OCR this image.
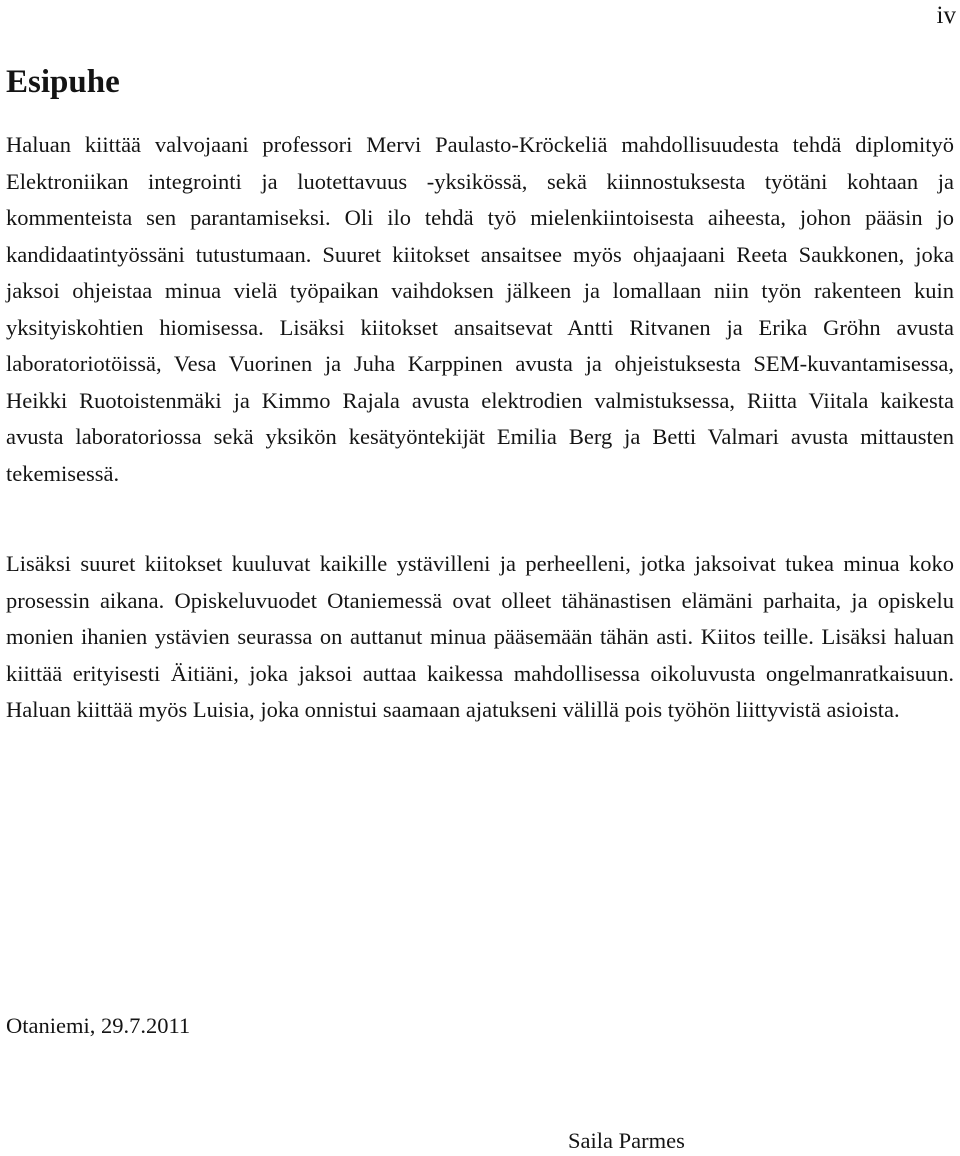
iv
Esipuhe

Haluan kiittää valvojaani professori Mervi Paulasto-Kröckeliä mahdollisuudesta tehdä diplomityö Elektroniikan integrointi ja luotettavuus -yksikössä, sekä kiinnostuksesta työtäni kohtaan ja kommenteista sen parantamiseksi. Oli ilo tehdä työ mielenkiintoisesta aiheesta, johon pääsin jo kandidaatintyössäni tutustumaan. Suuret kiitokset ansaitsee myös ohjaajaani Reeta Saukkonen, joka jaksoi ohjeistaa minua vielä työpaikan vaihdoksen jälkeen ja lomallaan niin työn rakenteen kuin yksityiskohtien hiomisessa. Lisäksi kiitokset ansaitsevat Antti Ritvanen ja Erika Gröhn avusta laboratoriotöissä, Vesa Vuorinen ja Juha Karppinen avusta ja ohjeistuksesta SEM-kuvantamisessa, Heikki Ruotoistenmäki ja Kimmo Rajala avusta elektrodien valmistuksessa, Riitta Viitala kaikesta avusta laboratoriossa sekä yksikön kesätyöntekijät Emilia Berg ja Betti Valmari avusta mittausten tekemisessä.

Lisäksi suuret kiitokset kuuluvat kaikille ystävilleni ja perheelleni, jotka jaksoivat tukea minua koko prosessin aikana. Opiskeluvuodet Otaniemessä ovat olleet tähänastisen elämäni parhaita, ja opiskelu monien ihanien ystävien seurassa on auttanut minua pääsemään tähän asti. Kiitos teille. Lisäksi haluan kiittää erityisesti Äitiäni, joka jaksoi auttaa kaikessa mahdollisessa oikoluvusta ongelmanratkaisuun. Haluan kiittää myös Luisia, joka onnistui saamaan ajatukseni välillä pois työhön liittyvistä asioista.

Otaniemi, 29.7.2011
Saila Parmes
